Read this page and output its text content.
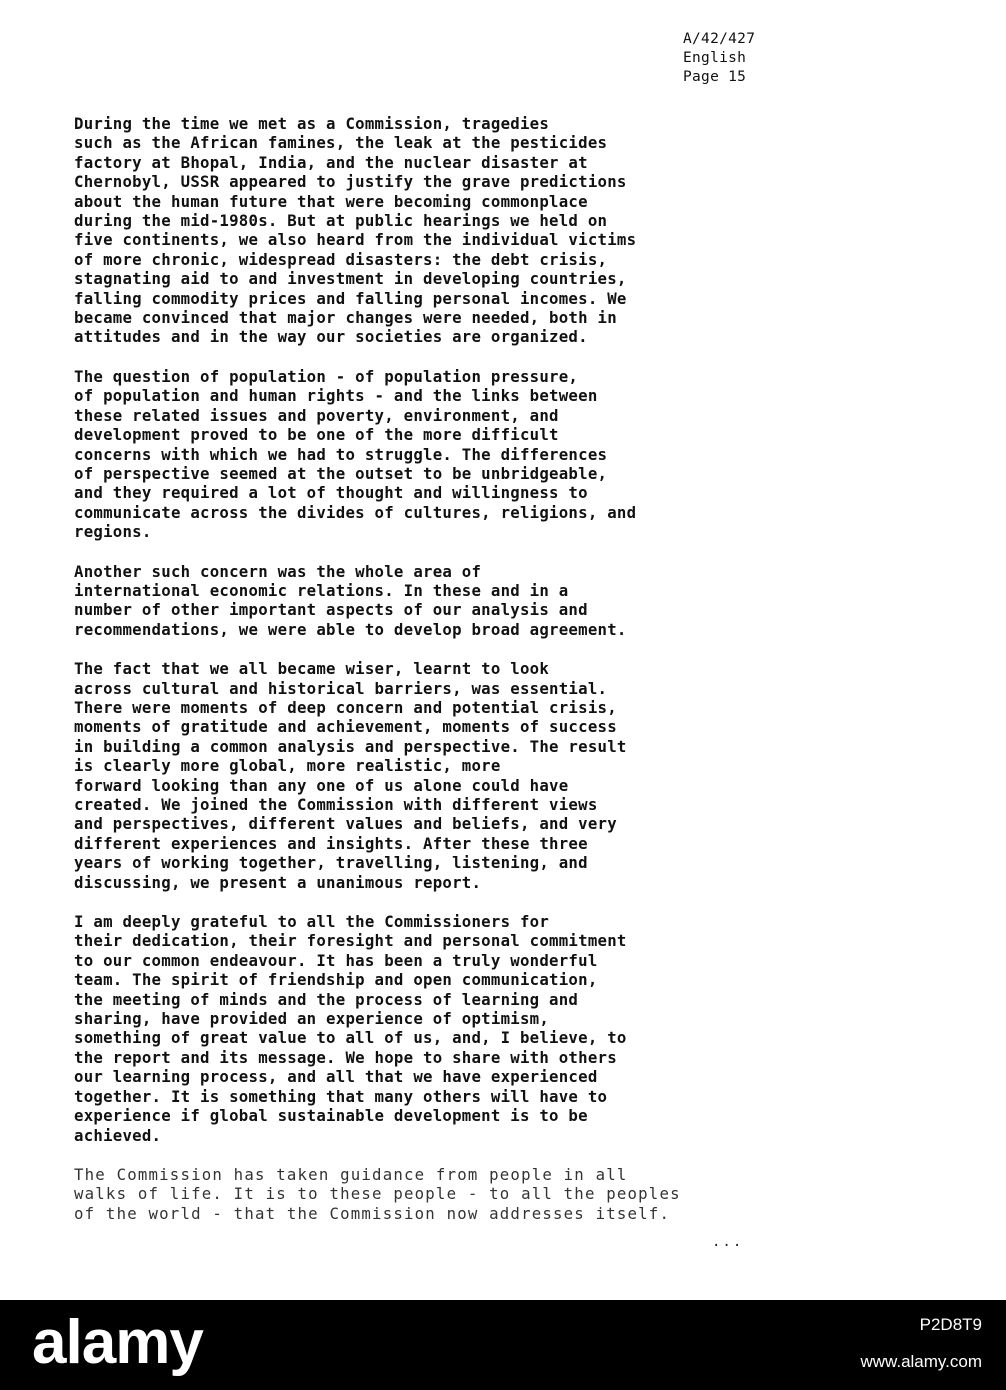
A/42/427
English
Page 15

During the time we met as a Commission, tragedies
such as the African famines, the leak at the pesticides
factory at Bhopal, India, and the nuclear disaster at
Chernobyl, USSR appeared to justify the grave predictions
about the human future that were becoming commonplace
during the mid-1980s. But at public hearings we held on
five continents, we also heard from the individual victims
of more chronic, widespread disasters: the debt crisis,
stagnating aid to and investment in developing countries,
falling commodity prices and falling personal incomes. We
became convinced that major changes were needed, both in
attitudes and in the way our societies are organized.

The question of population - of population pressure,
of population and human rights - and the links between
these related issues and poverty, environment, and
development proved to be one of the more difficult
concerns with which we had to struggle. The differences
of perspective seemed at the outset to be unbridgeable,
and they required a lot of thought and willingness to
communicate across the divides of cultures, religions, and
regions.

Another such concern was the whole area of
international economic relations. In these and in a
number of other important aspects of our analysis and
recommendations, we were able to develop broad agreement.

The fact that we all became wiser, learnt to look
across cultural and historical barriers, was essential.
There were moments of deep concern and potential crisis,
moments of gratitude and achievement, moments of success
in building a common analysis and perspective. The result
is clearly more global, more realistic, more
forward looking than any one of us alone could have
created. We joined the Commission with different views
and perspectives, different values and beliefs, and very
different experiences and insights. After these three
years of working together, travelling, listening, and
discussing, we present a unanimous report.

I am deeply grateful to all the Commissioners for
their dedication, their foresight and personal commitment
to our common endeavour. It has been a truly wonderful
team. The spirit of friendship and open communication,
the meeting of minds and the process of learning and
sharing, have provided an experience of optimism,
something of great value to all of us, and, I believe, to
the report and its message. We hope to share with others
our learning process, and all that we have experienced
together. It is something that many others will have to
experience if global sustainable development is to be
achieved.

The Commission has taken guidance from people in all
walks of life. It is to these people - to all the peoples
of the world - that the Commission now addresses itself.

...
alamy	P2D8T9
www.alamy.com
